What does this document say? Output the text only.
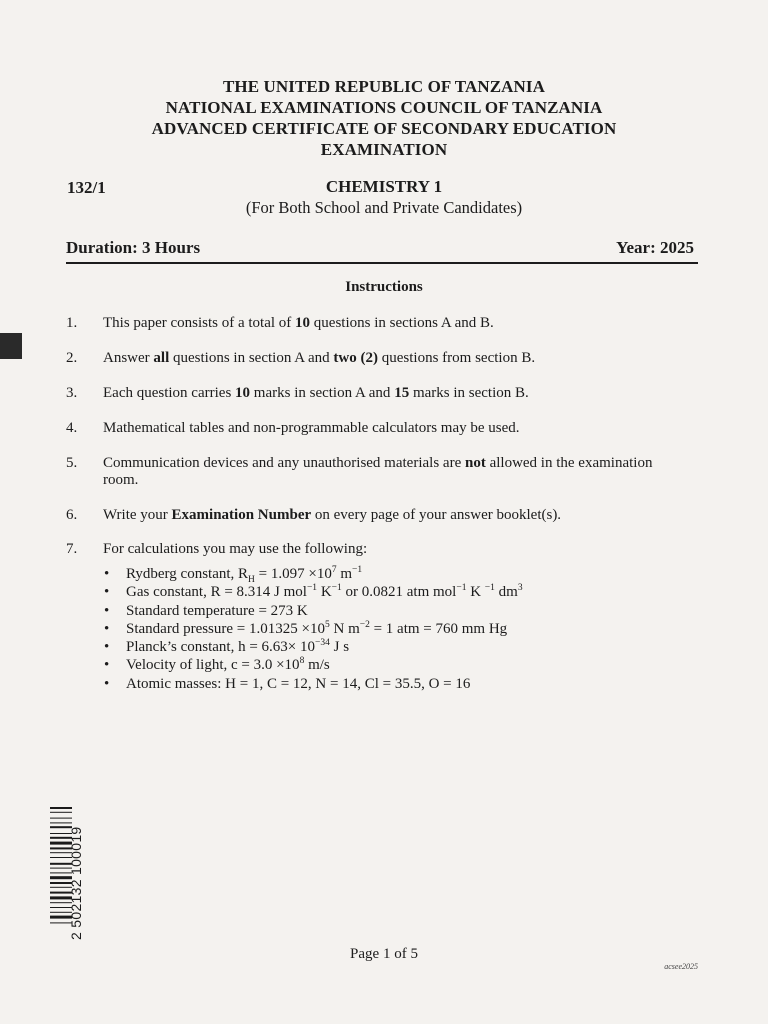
THE UNITED REPUBLIC OF TANZANIA
NATIONAL EXAMINATIONS COUNCIL OF TANZANIA
ADVANCED CERTIFICATE OF SECONDARY EDUCATION
EXAMINATION
132/1	CHEMISTRY 1
(For Both School and Private Candidates)
Duration: 3 Hours	Year: 2025
Instructions
1. This paper consists of a total of 10 questions in sections A and B.
2. Answer all questions in section A and two (2) questions from section B.
3. Each question carries 10 marks in section A and 15 marks in section B.
4. Mathematical tables and non-programmable calculators may be used.
5. Communication devices and any unauthorised materials are not allowed in the examination room.
6. Write your Examination Number on every page of your answer booklet(s).
7. For calculations you may use the following:
• Rydberg constant, $R_H = 1.097 \times 10^7$ $m^{-1}$
• Gas constant, R = 8.314 J mol$^{-1}$ $K^{-1}$ or 0.0821 atm mol$^{-1}$ K $^{-1}$ $dm^3$
• Standard temperature = 273 K
• Standard pressure = $1.01325 \times 10^5$ N $m^{-2} = 1$ atm = 760 mm Hg
• Planck’s constant, $h = 6.63\times 10^{-34}$ J s
• Velocity of light, $c = 3.0 \times 10^8$ m/s
• Atomic masses: H = 1, C = 12, N = 14, Cl = 35.5, O = 16
2 502132 100019
Page 1 of 5
acsee2025
